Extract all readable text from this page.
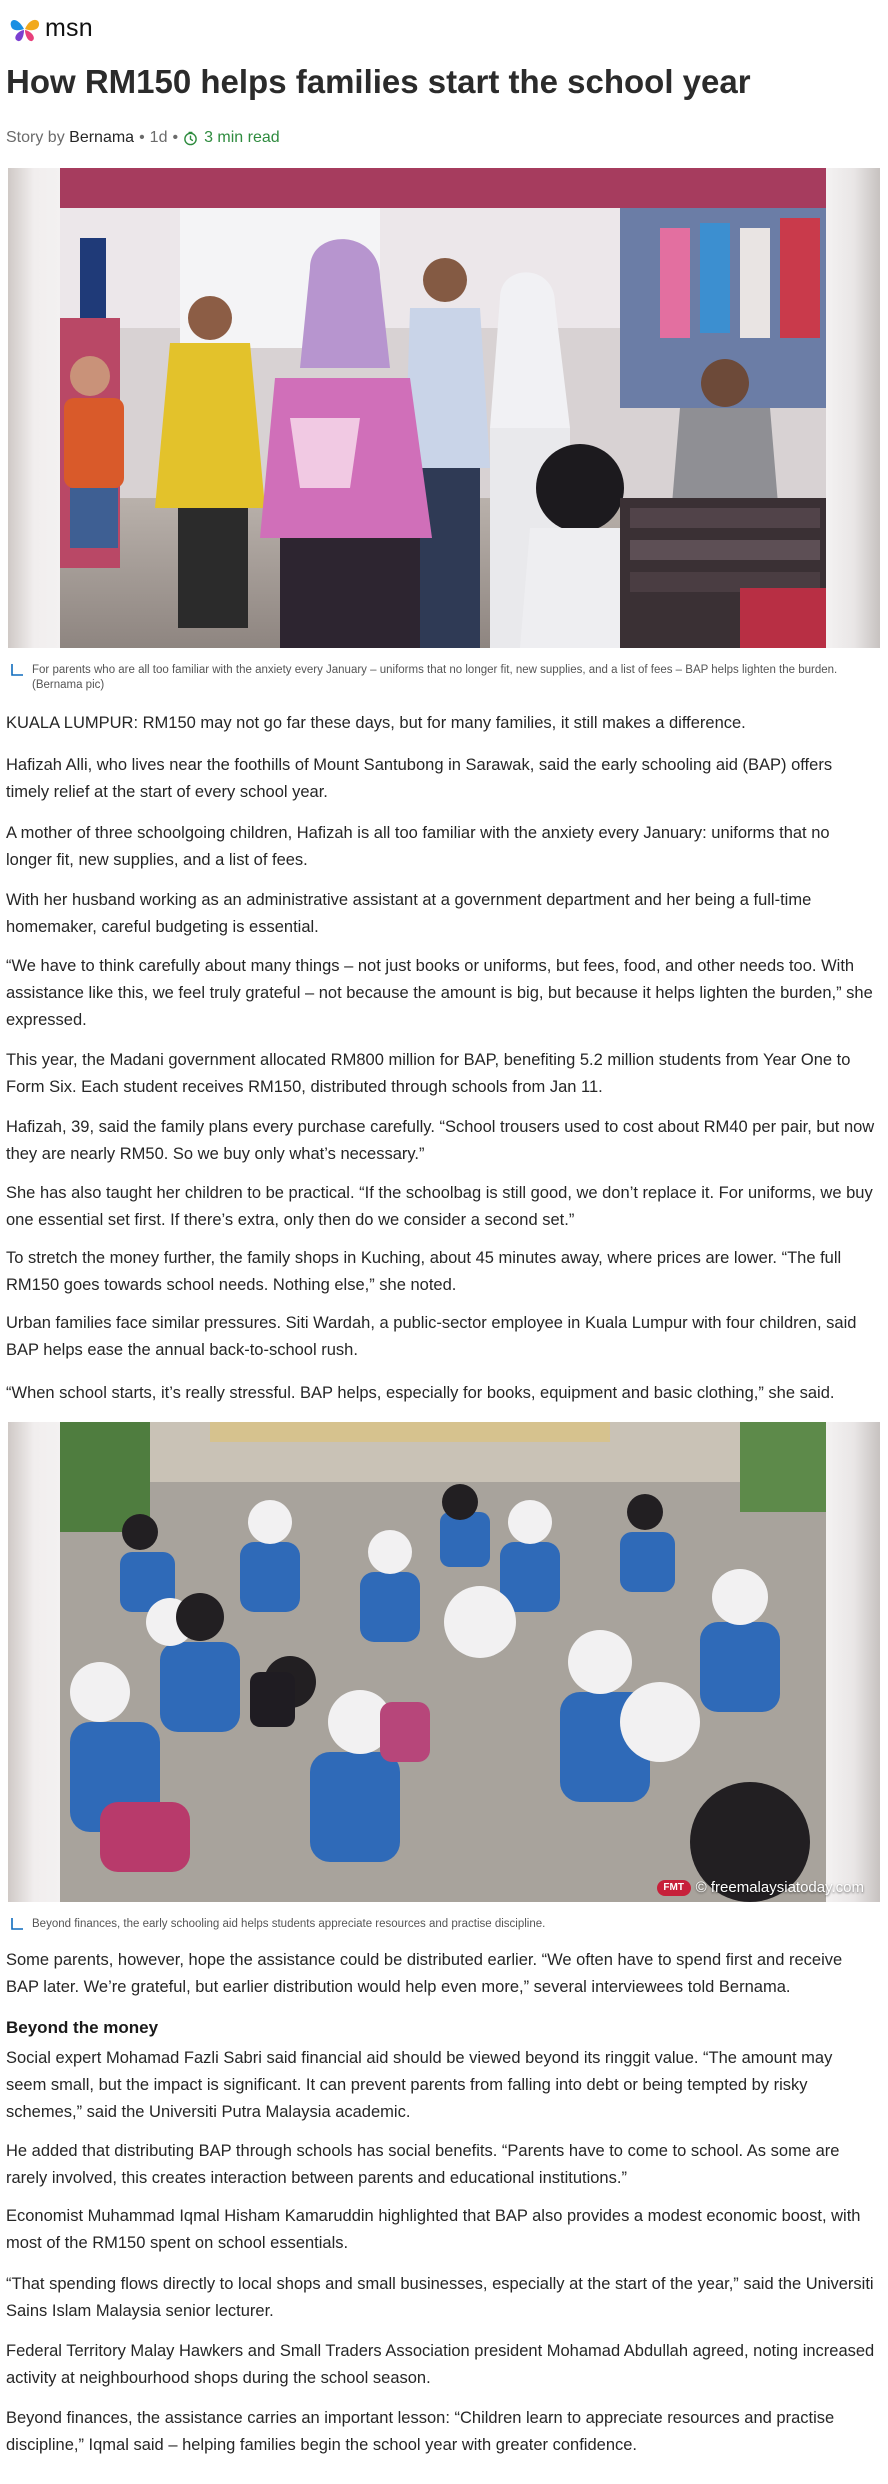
msn
How RM150 helps families start the school year
Story by
Bernama • 1d • 3 min read
For parents who are all too familiar with the anxiety every January – uniforms that no longer fit, new supplies, and a list of fees – BAP helps lighten the burden. (Bernama pic)

KUALA LUMPUR: RM150 may not go far these days, but for many families, it still makes a difference.

Hafizah Alli, who lives near the foothills of Mount Santubong in Sarawak, said the early schooling aid (BAP) offers timely relief at the start of every school year.

A mother of three schoolgoing children, Hafizah is all too familiar with the anxiety every January: uniforms that no longer fit, new supplies, and a list of fees.

With her husband working as an administrative assistant at a government department and her being a full-time homemaker, careful budgeting is essential.

“We have to think carefully about many things – not just books or uniforms, but fees, food, and other needs too. With assistance like this, we feel truly grateful – not because the amount is big, but because it helps lighten the burden,” she expressed.

This year, the Madani government allocated RM800 million for BAP, benefiting 5.2 million students from Year One to Form Six. Each student receives RM150, distributed through schools from Jan 11.

Hafizah, 39, said the family plans every purchase carefully. “School trousers used to cost about RM40 per pair, but now they are nearly RM50. So we buy only what’s necessary.”

She has also taught her children to be practical. “If the schoolbag is still good, we don’t replace it. For uniforms, we buy one essential set first. If there’s extra, only then do we consider a second set.”

To stretch the money further, the family shops in Kuching, about 45 minutes away, where prices are lower. “The full RM150 goes towards school needs. Nothing else,” she noted.

Urban families face similar pressures. Siti Wardah, a public-sector employee in Kuala Lumpur with four children, said BAP helps ease the annual back-to-school rush.

“When school starts, it’s really stressful. BAP helps, especially for books, equipment and basic clothing,” she said.

FMT © freemalaysiatoday.com
Beyond finances, the early schooling aid helps students appreciate resources and practise discipline.

Some parents, however, hope the assistance could be distributed earlier. “We often have to spend first and receive BAP later. We’re grateful, but earlier distribution would help even more,” several interviewees told Bernama.

Beyond the money

Social expert Mohamad Fazli Sabri said financial aid should be viewed beyond its ringgit value. “The amount may seem small, but the impact is significant. It can prevent parents from falling into debt or being tempted by risky schemes,” said the Universiti Putra Malaysia academic.

He added that distributing BAP through schools has social benefits. “Parents have to come to school. As some are rarely involved, this creates interaction between parents and educational institutions.”

Economist Muhammad Iqmal Hisham Kamaruddin highlighted that BAP also provides a modest economic boost, with most of the RM150 spent on school essentials.

“That spending flows directly to local shops and small businesses, especially at the start of the year,” said the Universiti Sains Islam Malaysia senior lecturer.

Federal Territory Malay Hawkers and Small Traders Association president Mohamad Abdullah agreed, noting increased activity at neighbourhood shops during the school season.

Beyond finances, the assistance carries an important lesson: “Children learn to appreciate resources and practise discipline,” Iqmal said – helping families begin the school year with greater confidence.
